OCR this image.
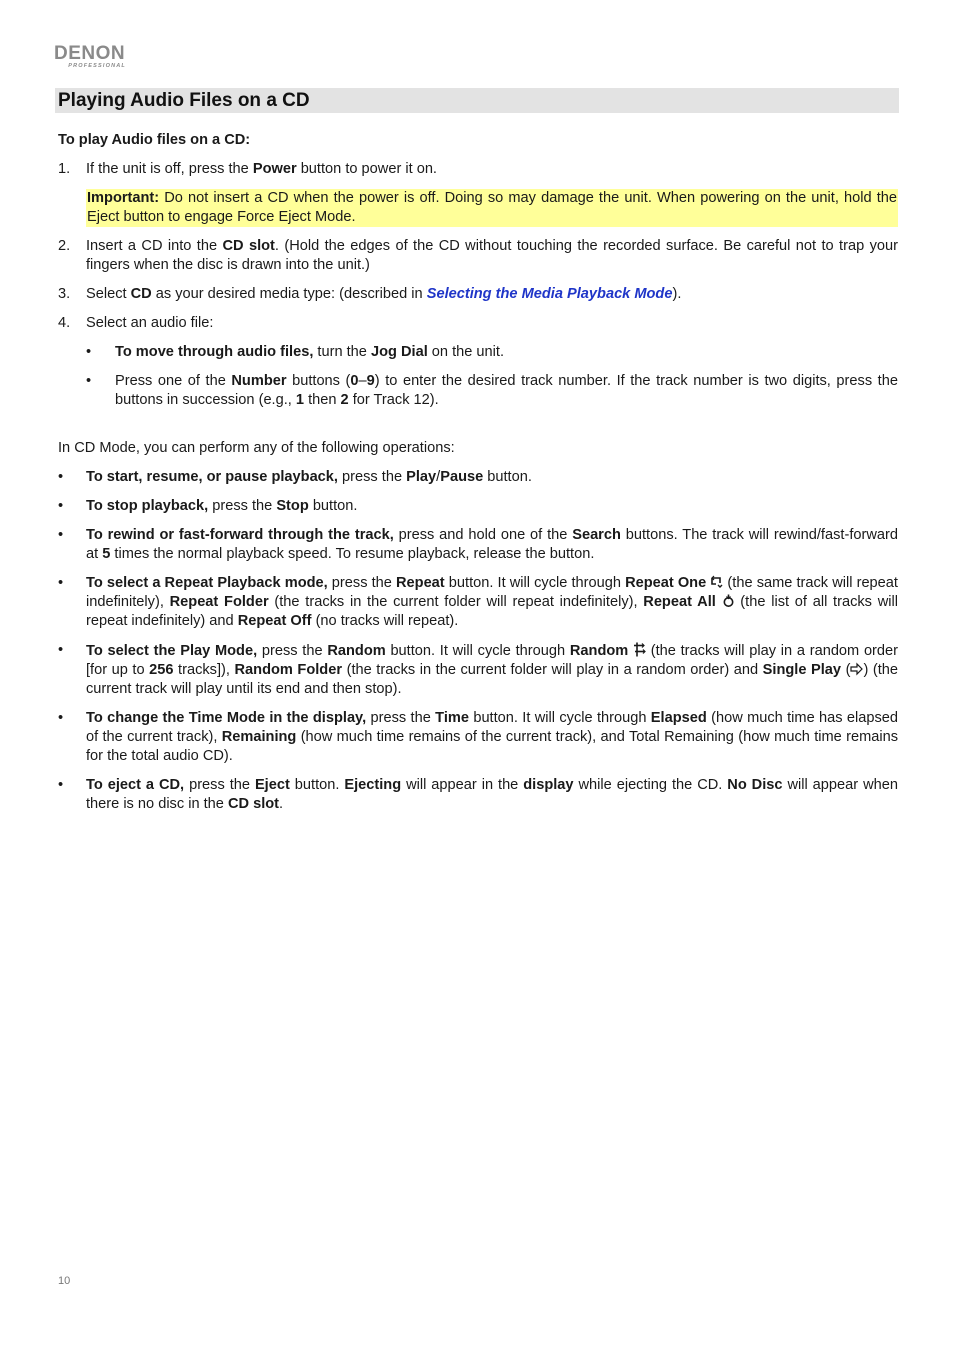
DENON
PROFESSIONAL
Playing Audio Files on a CD
To play Audio files on a CD:
1. If the unit is off, press the Power button to power it on.
Important: Do not insert a CD when the power is off. Doing so may damage the unit. When powering on the unit, hold the Eject button to engage Force Eject Mode.
2. Insert a CD into the CD slot. (Hold the edges of the CD without touching the recorded surface. Be careful not to trap your fingers when the disc is drawn into the unit.)
3. Select CD as your desired media type: (described in Selecting the Media Playback Mode).
4. Select an audio file:
• To move through audio files, turn the Jog Dial on the unit.
• Press one of the Number buttons (0–9) to enter the desired track number. If the track number is two digits, press the buttons in succession (e.g., 1 then 2 for Track 12).
In CD Mode, you can perform any of the following operations:
• To start, resume, or pause playback, press the Play/Pause button.
• To stop playback, press the Stop button.
• To rewind or fast-forward through the track, press and hold one of the Search buttons. The track will rewind/fast-forward at 5 times the normal playback speed. To resume playback, release the button.
• To select a Repeat Playback mode, press the Repeat button. It will cycle through Repeat One  (the same track will repeat indefinitely), Repeat Folder (the tracks in the current folder will repeat indefinitely), Repeat All  (the list of all tracks will repeat indefinitely) and Repeat Off (no tracks will repeat).
• To select the Play Mode, press the Random button. It will cycle through Random  (the tracks will play in a random order [for up to 256 tracks]), Random Folder (the tracks in the current folder will play in a random order) and Single Play ( ) (the current track will play until its end and then stop).
• To change the Time Mode in the display, press the Time button. It will cycle through Elapsed (how much time has elapsed of the current track), Remaining (how much time remains of the current track), and Total Remaining (how much time remains for the total audio CD).
• To eject a CD, press the Eject button. Ejecting will appear in the display while ejecting the CD. No Disc will appear when there is no disc in the CD slot.
10
